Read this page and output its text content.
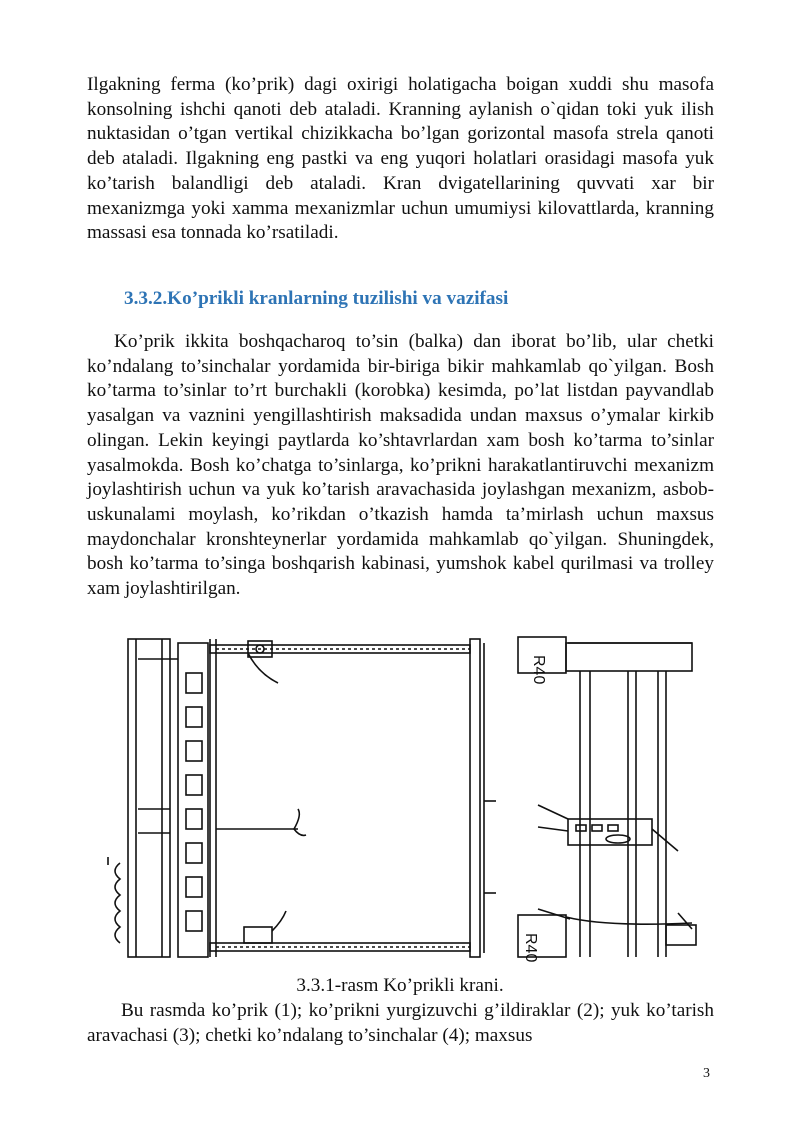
Ilgakning ferma (ko’prik) dagi oxirigi holatigacha boigan xuddi shu masofa konsolning ishchi qanoti deb ataladi. Kranning aylanish o`qidan toki yuk ilish nuktasidan o’tgan vertikal chizikkacha bo’lgan gorizontal masofa strela qanoti deb ataladi. Ilgakning eng pastki va eng yuqori holatlari orasidagi masofa yuk ko’tarish balandligi deb ataladi. Kran dvigatellarining quvvati xar bir mexanizmga yoki xamma mexanizmlar uchun umumiysi kilovattlarda, kranning massasi esa tonnada ko’rsatiladi.

3.3.2.Ko’prikli kranlarning tuzilishi va vazifasi

Ko’prik ikkita boshqacharoq to’sin (balka) dan iborat bo’lib, ular chetki ko’ndalang to’sinchalar yordamida bir-biriga bikir mahkamlab qo`yilgan. Bosh ko’tarma to’sinlar to’rt burchakli (korobka) kesimda, po’lat listdan payvandlab yasalgan va vaznini yengillashtirish maksadida undan maxsus o’ymalar kirkib olingan. Lekin keyingi paytlarda ko’shtavrlardan xam bosh ko’tarma to’sinlar yasalmokda. Bosh ko’chatga to’sinlarga, ko’prikni harakatlantiruvchi mexanizm joylashtirish uchun va yuk ko’tarish aravachasida joylashgan mexanizm, asbob-uskunalami moylash, ko’rikdan o’tkazish hamda ta’mirlash uchun maxsus maydonchalar kronshteynerlar yordamida mahkamlab qo`yilgan. Shuningdek, bosh ko’tarma to’singa boshqarish kabinasi, yumshok kabel qurilmasi va trolley xam joylashtirilgan.

R40
R40

3.3.1-rasm Ko’prikli krani.

Bu rasmda ko’prik (1); ko’prikni yurgizuvchi g’ildiraklar (2); yuk ko’tarish aravachasi (3); chetki ko’ndalang to’sinchalar (4); maxsus

3
